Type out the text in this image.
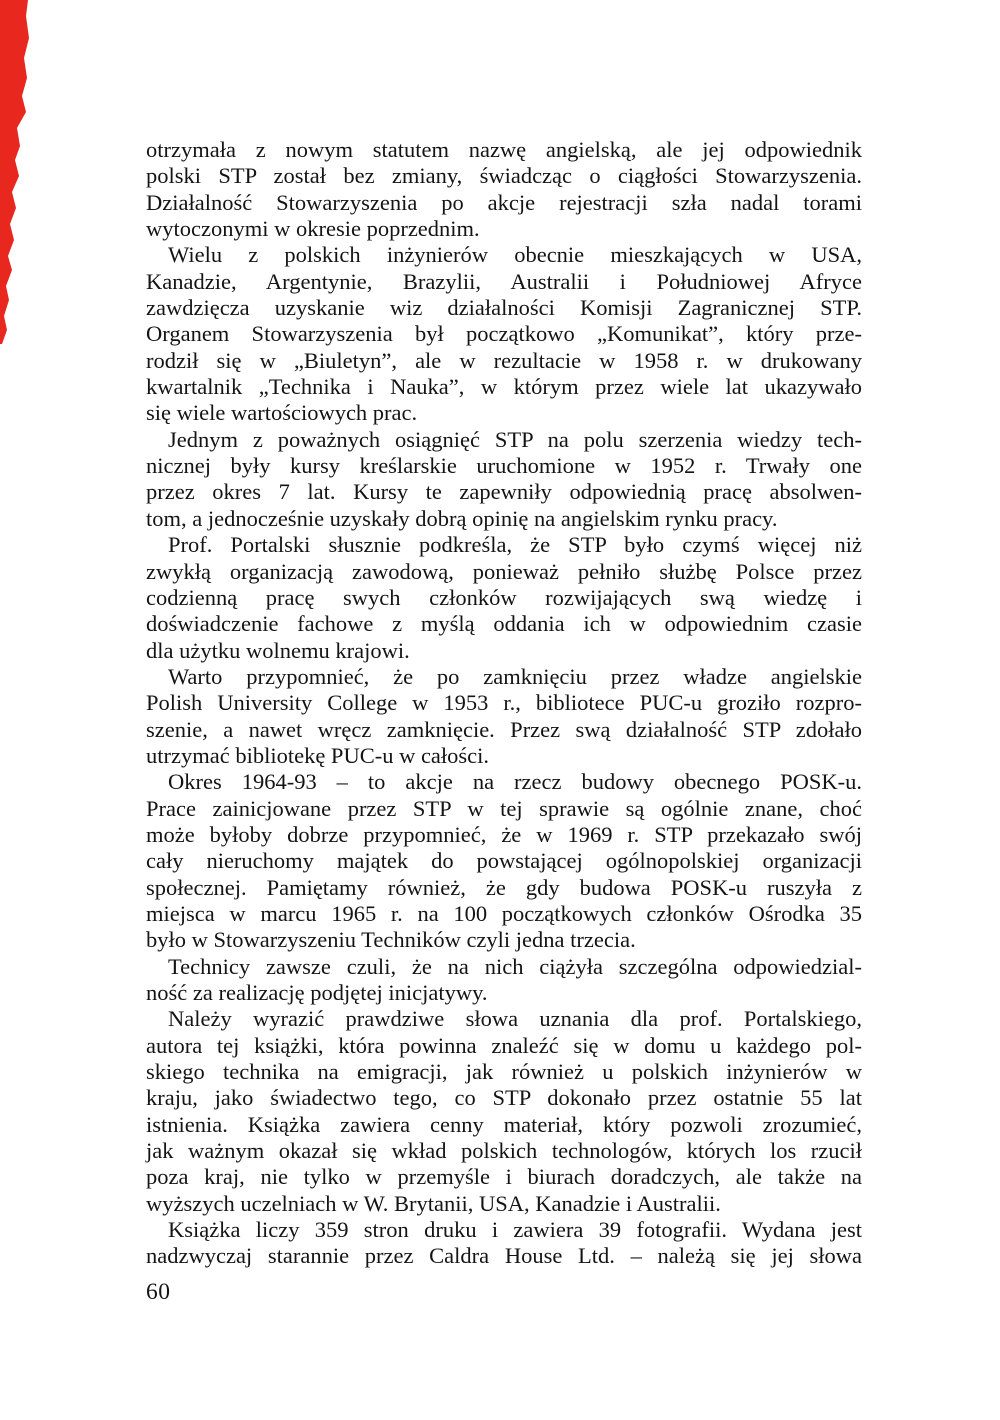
otrzymała z nowym statutem nazwę angielską, ale jej odpowiednik
polski STP został bez zmiany, świadcząc o ciągłości Stowarzyszenia.
Działalność Stowarzyszenia po akcje rejestracji szła nadal torami
wytoczonymi w okresie poprzednim.

Wielu z polskich inżynierów obecnie mieszkających w USA,
Kanadzie, Argentynie, Brazylii, Australii i Południowej Afryce
zawdzięcza uzyskanie wiz działalności Komisji Zagranicznej STP.
Organem Stowarzyszenia był początkowo „Komunikat”, który prze-
rodził się w „Biuletyn”, ale w rezultacie w 1958 r. w drukowany
kwartalnik „Technika i Nauka”, w którym przez wiele lat ukazywało
się wiele wartościowych prac.

Jednym z poważnych osiągnięć STP na polu szerzenia wiedzy tech-
nicznej były kursy kreślarskie uruchomione w 1952 r. Trwały one
przez okres 7 lat. Kursy te zapewniły odpowiednią pracę absolwen-
tom, a jednocześnie uzyskały dobrą opinię na angielskim rynku pracy.

Prof. Portalski słusznie podkreśla, że STP było czymś więcej niż
zwykłą organizacją zawodową, ponieważ pełniło służbę Polsce przez
codzienną pracę swych członków rozwijających swą wiedzę i
doświadczenie fachowe z myślą oddania ich w odpowiednim czasie
dla użytku wolnemu krajowi.

Warto przypomnieć, że po zamknięciu przez władze angielskie
Polish University College w 1953 r., bibliotece PUC-u groziło rozpro-
szenie, a nawet wręcz zamknięcie. Przez swą działalność STP zdołało
utrzymać bibliotekę PUC-u w całości.

Okres 1964-93 – to akcje na rzecz budowy obecnego POSK-u.
Prace zainicjowane przez STP w tej sprawie są ogólnie znane, choć
może byłoby dobrze przypomnieć, że w 1969 r. STP przekazało swój
cały nieruchomy majątek do powstającej ogólnopolskiej organizacji
społecznej. Pamiętamy również, że gdy budowa POSK-u ruszyła z
miejsca w marcu 1965 r. na 100 początkowych członków Ośrodka 35
było w Stowarzyszeniu Techników czyli jedna trzecia.

Technicy zawsze czuli, że na nich ciążyła szczególna odpowiedzial-
ność za realizację podjętej inicjatywy.

Należy wyrazić prawdziwe słowa uznania dla prof. Portalskiego,
autora tej książki, która powinna znaleźć się w domu u każdego pol-
skiego technika na emigracji, jak również u polskich inżynierów w
kraju, jako świadectwo tego, co STP dokonało przez ostatnie 55 lat
istnienia. Książka zawiera cenny materiał, który pozwoli zrozumieć,
jak ważnym okazał się wkład polskich technologów, których los rzucił
poza kraj, nie tylko w przemyśle i biurach doradczych, ale także na
wyższych uczelniach w W. Brytanii, USA, Kanadzie i Australii.

Książka liczy 359 stron druku i zawiera 39 fotografii. Wydana jest
nadzwyczaj starannie przez Caldra House Ltd. – należą się jej słowa

60
